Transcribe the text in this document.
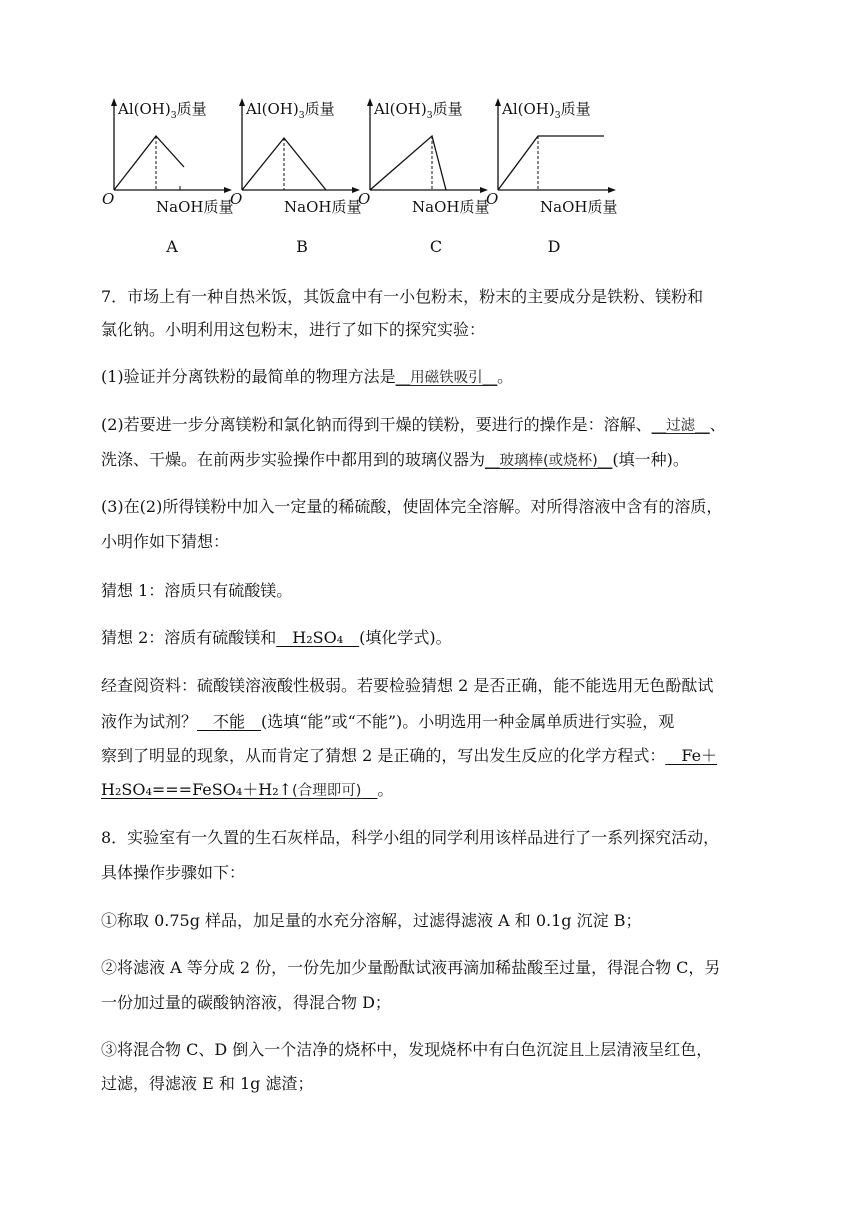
$Al(OH)_3$质量
O	NaOH质量
A
$Al(OH)_3$质量
O	NaOH质量
B
$Al(OH)_3$质量
O	NaOH质量
C
$Al(OH)_3$质量
O	NaOH质量
D
7．市场上有一种自热米饭，其饭盒中有一小包粉末，粉末的主要成分是铁粉、镁粉和
氯化钠。小明利用这包粉末，进行了如下的探究实验：
(1)验证并分离铁粉的最简单的物理方法是__用磁铁吸引__。
(2)若要进一步分离镁粉和氯化钠而得到干燥的镁粉，要进行的操作是：溶解、__过滤__、
洗涤、干燥。在前两步实验操作中都用到的玻璃仪器为__玻璃棒(或烧杯)__(填一种)。
(3)在(2)所得镁粉中加入一定量的稀硫酸，使固体完全溶解。对所得溶液中含有的溶质，
小明作如下猜想：
猜想 1：溶质只有硫酸镁。
猜想 2：溶质有硫酸镁和__H₂SO₄__(填化学式)。
经查阅资料：硫酸镁溶液酸性极弱。若要检验猜想 2 是否正确，能不能选用无色酚酞试
液作为试剂？__不能__(选填“能”或“不能”)。小明选用一种金属单质进行实验，观
察到了明显的现象，从而肯定了猜想 2 是正确的，写出发生反应的化学方程式：__Fe＋
H₂SO₄===FeSO₄＋H₂↑(合理即可)__。
8．实验室有一久置的生石灰样品，科学小组的同学利用该样品进行了一系列探究活动，
具体操作步骤如下：
①称取 0.75g 样品，加足量的水充分溶解，过滤得滤液 A 和 0.1g 沉淀 B；
②将滤液 A 等分成 2 份，一份先加少量酚酞试液再滴加稀盐酸至过量，得混合物 C，另
一份加过量的碳酸钠溶液，得混合物 D；
③将混合物 C、D 倒入一个洁净的烧杯中，发现烧杯中有白色沉淀且上层清液呈红色，
过滤，得滤液 E 和 1g 滤渣；
